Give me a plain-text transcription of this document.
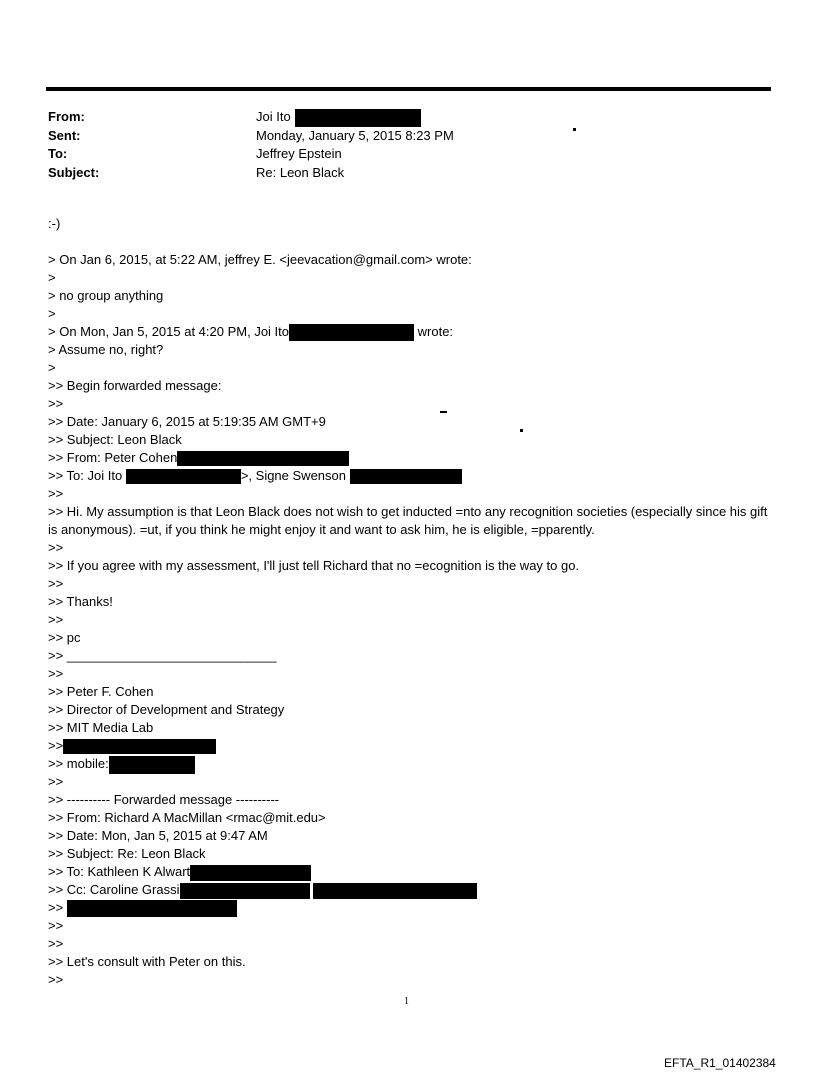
From:	Joi Ito
Sent:	Monday, January 5, 2015 8:23 PM
To:	Jeffrey Epstein
Subject:	Re: Leon Black
:-)
> On Jan 6, 2015, at 5:22 AM, jeffrey E. <jeevacation@gmail.com> wrote:
>
> no group anything
>
> On Mon, Jan 5, 2015 at 4:20 PM, Joi Ito	wrote:
> Assume no, right?
>
>> Begin forwarded message:
>>
>> Date: January 6, 2015 at 5:19:35 AM GMT+9
>> Subject: Leon Black
>> From: Peter Cohen
>> To: Joi Ito	>, Signe Swenson
>>
>> Hi. My assumption is that Leon Black does not wish to get inducted =nto any recognition societies (especially since his gift is anonymous). =ut, if you think he might enjoy it and want to ask him, he is eligible, =pparently.
>>
>> If you agree with my assessment, I'll just tell Richard that no =ecognition is the way to go.
>>
>> Thanks!
>>
>> pc
>> _____________________________
>>
>> Peter F. Cohen
>> Director of Development and Strategy
>> MIT Media Lab
>>
>> mobile:
>>
>> ---------- Forwarded message ----------
>> From: Richard A MacMillan <rmac@mit.edu>
>> Date: Mon, Jan 5, 2015 at 9:47 AM
>> Subject: Re: Leon Black
>> To: Kathleen K Alwart
>> Cc: Caroline Grassi
>>
>>
>>
>> Let's consult with Peter on this.
>>
1
EFTA_R1_01402384
